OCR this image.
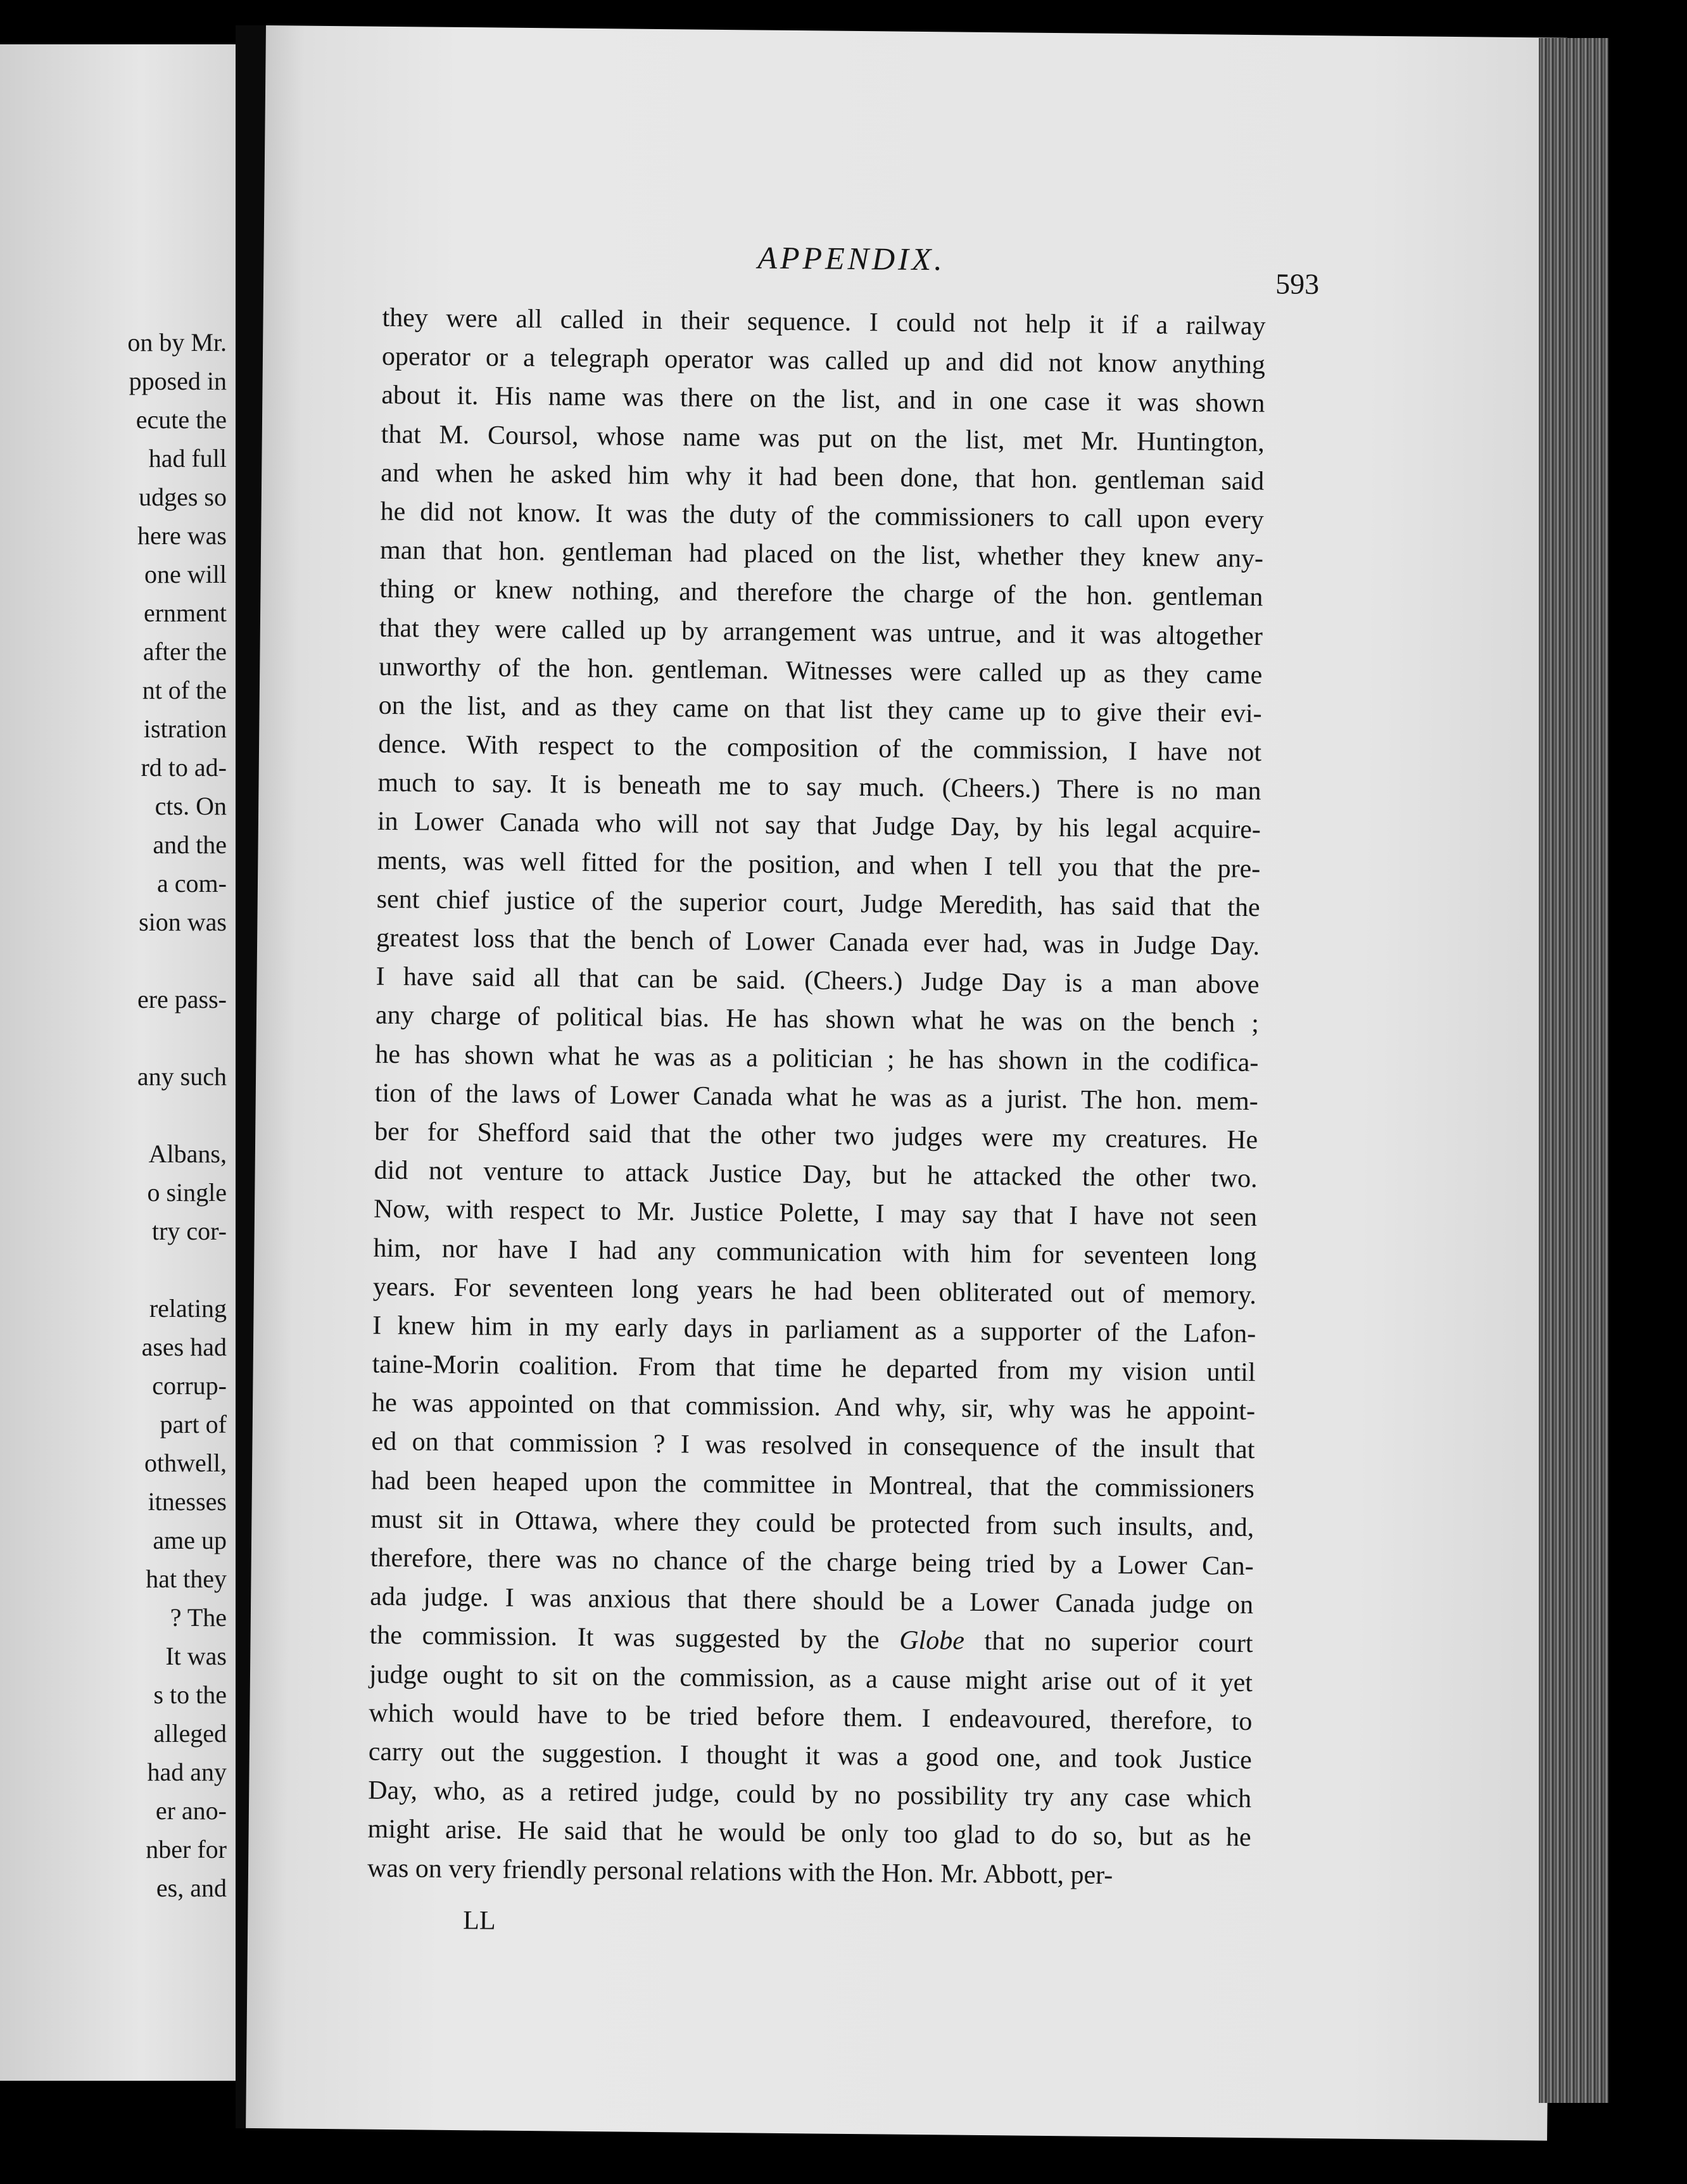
on by Mr.
pposed in
ecute the
had full
udges so
here was
one will
ernment
after the
nt of the
istration
rd to ad-
cts. On
and the
a com-
sion was
ere pass-
any such
Albans,
o single
try cor-
relating
ases had
corrup-
part of
othwell,
itnesses
ame up
hat they
? The
It was
s to the
alleged
had any
er ano-
nber for
es, and
APPENDIX.
593
they were all called in their sequence. I could not help it if a railway
operator or a telegraph operator was called up and did not know anything
about it. His name was there on the list, and in one case it was shown
that M. Coursol, whose name was put on the list, met Mr. Huntington,
and when he asked him why it had been done, that hon. gentleman said
he did not know. It was the duty of the commissioners to call upon every
man that hon. gentleman had placed on the list, whether they knew any-
thing or knew nothing, and therefore the charge of the hon. gentleman
that they were called up by arrangement was untrue, and it was altogether
unworthy of the hon. gentleman. Witnesses were called up as they came
on the list, and as they came on that list they came up to give their evi-
dence. With respect to the composition of the commission, I have not
much to say. It is beneath me to say much. (Cheers.) There is no man
in Lower Canada who will not say that Judge Day, by his legal acquire-
ments, was well fitted for the position, and when I tell you that the pre-
sent chief justice of the superior court, Judge Meredith, has said that the
greatest loss that the bench of Lower Canada ever had, was in Judge Day.
I have said all that can be said. (Cheers.) Judge Day is a man above
any charge of political bias. He has shown what he was on the bench ;
he has shown what he was as a politician ; he has shown in the codifica-
tion of the laws of Lower Canada what he was as a jurist. The hon. mem-
ber for Shefford said that the other two judges were my creatures. He
did not venture to attack Justice Day, but he attacked the other two.
Now, with respect to Mr. Justice Polette, I may say that I have not seen
him, nor have I had any communication with him for seventeen long
years. For seventeen long years he had been obliterated out of memory.
I knew him in my early days in parliament as a supporter of the Lafon-
taine-Morin coalition. From that time he departed from my vision until
he was appointed on that commission. And why, sir, why was he appoint-
ed on that commission ? I was resolved in consequence of the insult that
had been heaped upon the committee in Montreal, that the commissioners
must sit in Ottawa, where they could be protected from such insults, and,
therefore, there was no chance of the charge being tried by a Lower Can-
ada judge. I was anxious that there should be a Lower Canada judge on
the commission. It was suggested by the Globe that no superior court
judge ought to sit on the commission, as a cause might arise out of it yet
which would have to be tried before them. I endeavoured, therefore, to
carry out the suggestion. I thought it was a good one, and took Justice
Day, who, as a retired judge, could by no possibility try any case which
might arise. He said that he would be only too glad to do so, but as he
was on very friendly personal relations with the Hon. Mr. Abbott, per-
LL
